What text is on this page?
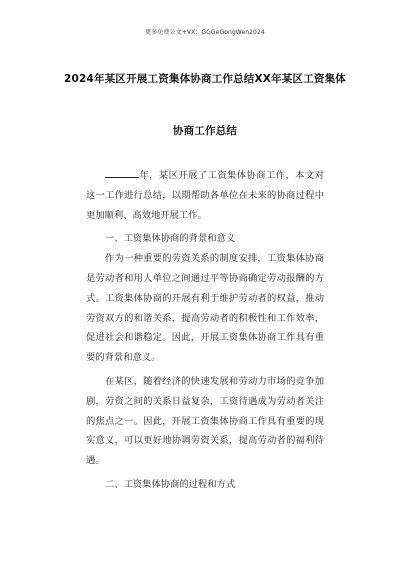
更多免费公文+VX：GGGeGongWen2024
2024年某区开展工资集体协商工作总结XX年某区工资集体
协商工作总结

年，某区开展了工资集体协商工作，本文对这一工作进行总结，以期帮助各单位在未来的协商过程中更加顺利、高效地开展工作。

一、工资集体协商的背景和意义

作为一种重要的劳资关系的制度安排，工资集体协商是劳动者和用人单位之间通过平等协商确定劳动报酬的方式。工资集体协商的开展有利于维护劳动者的权益，推动劳资双方的和谐关系，提高劳动者的积极性和工作效率，促进社会和谐稳定。因此，开展工资集体协商工作具有重要的背景和意义。

在某区，随着经济的快速发展和劳动力市场的竞争加剧，劳资之间的关系日益复杂，工资待遇成为劳动者关注的焦点之一。因此，开展工资集体协商工作具有重要的现实意义，可以更好地协调劳资关系，提高劳动者的福利待遇。

二、工资集体协商的过程和方式
